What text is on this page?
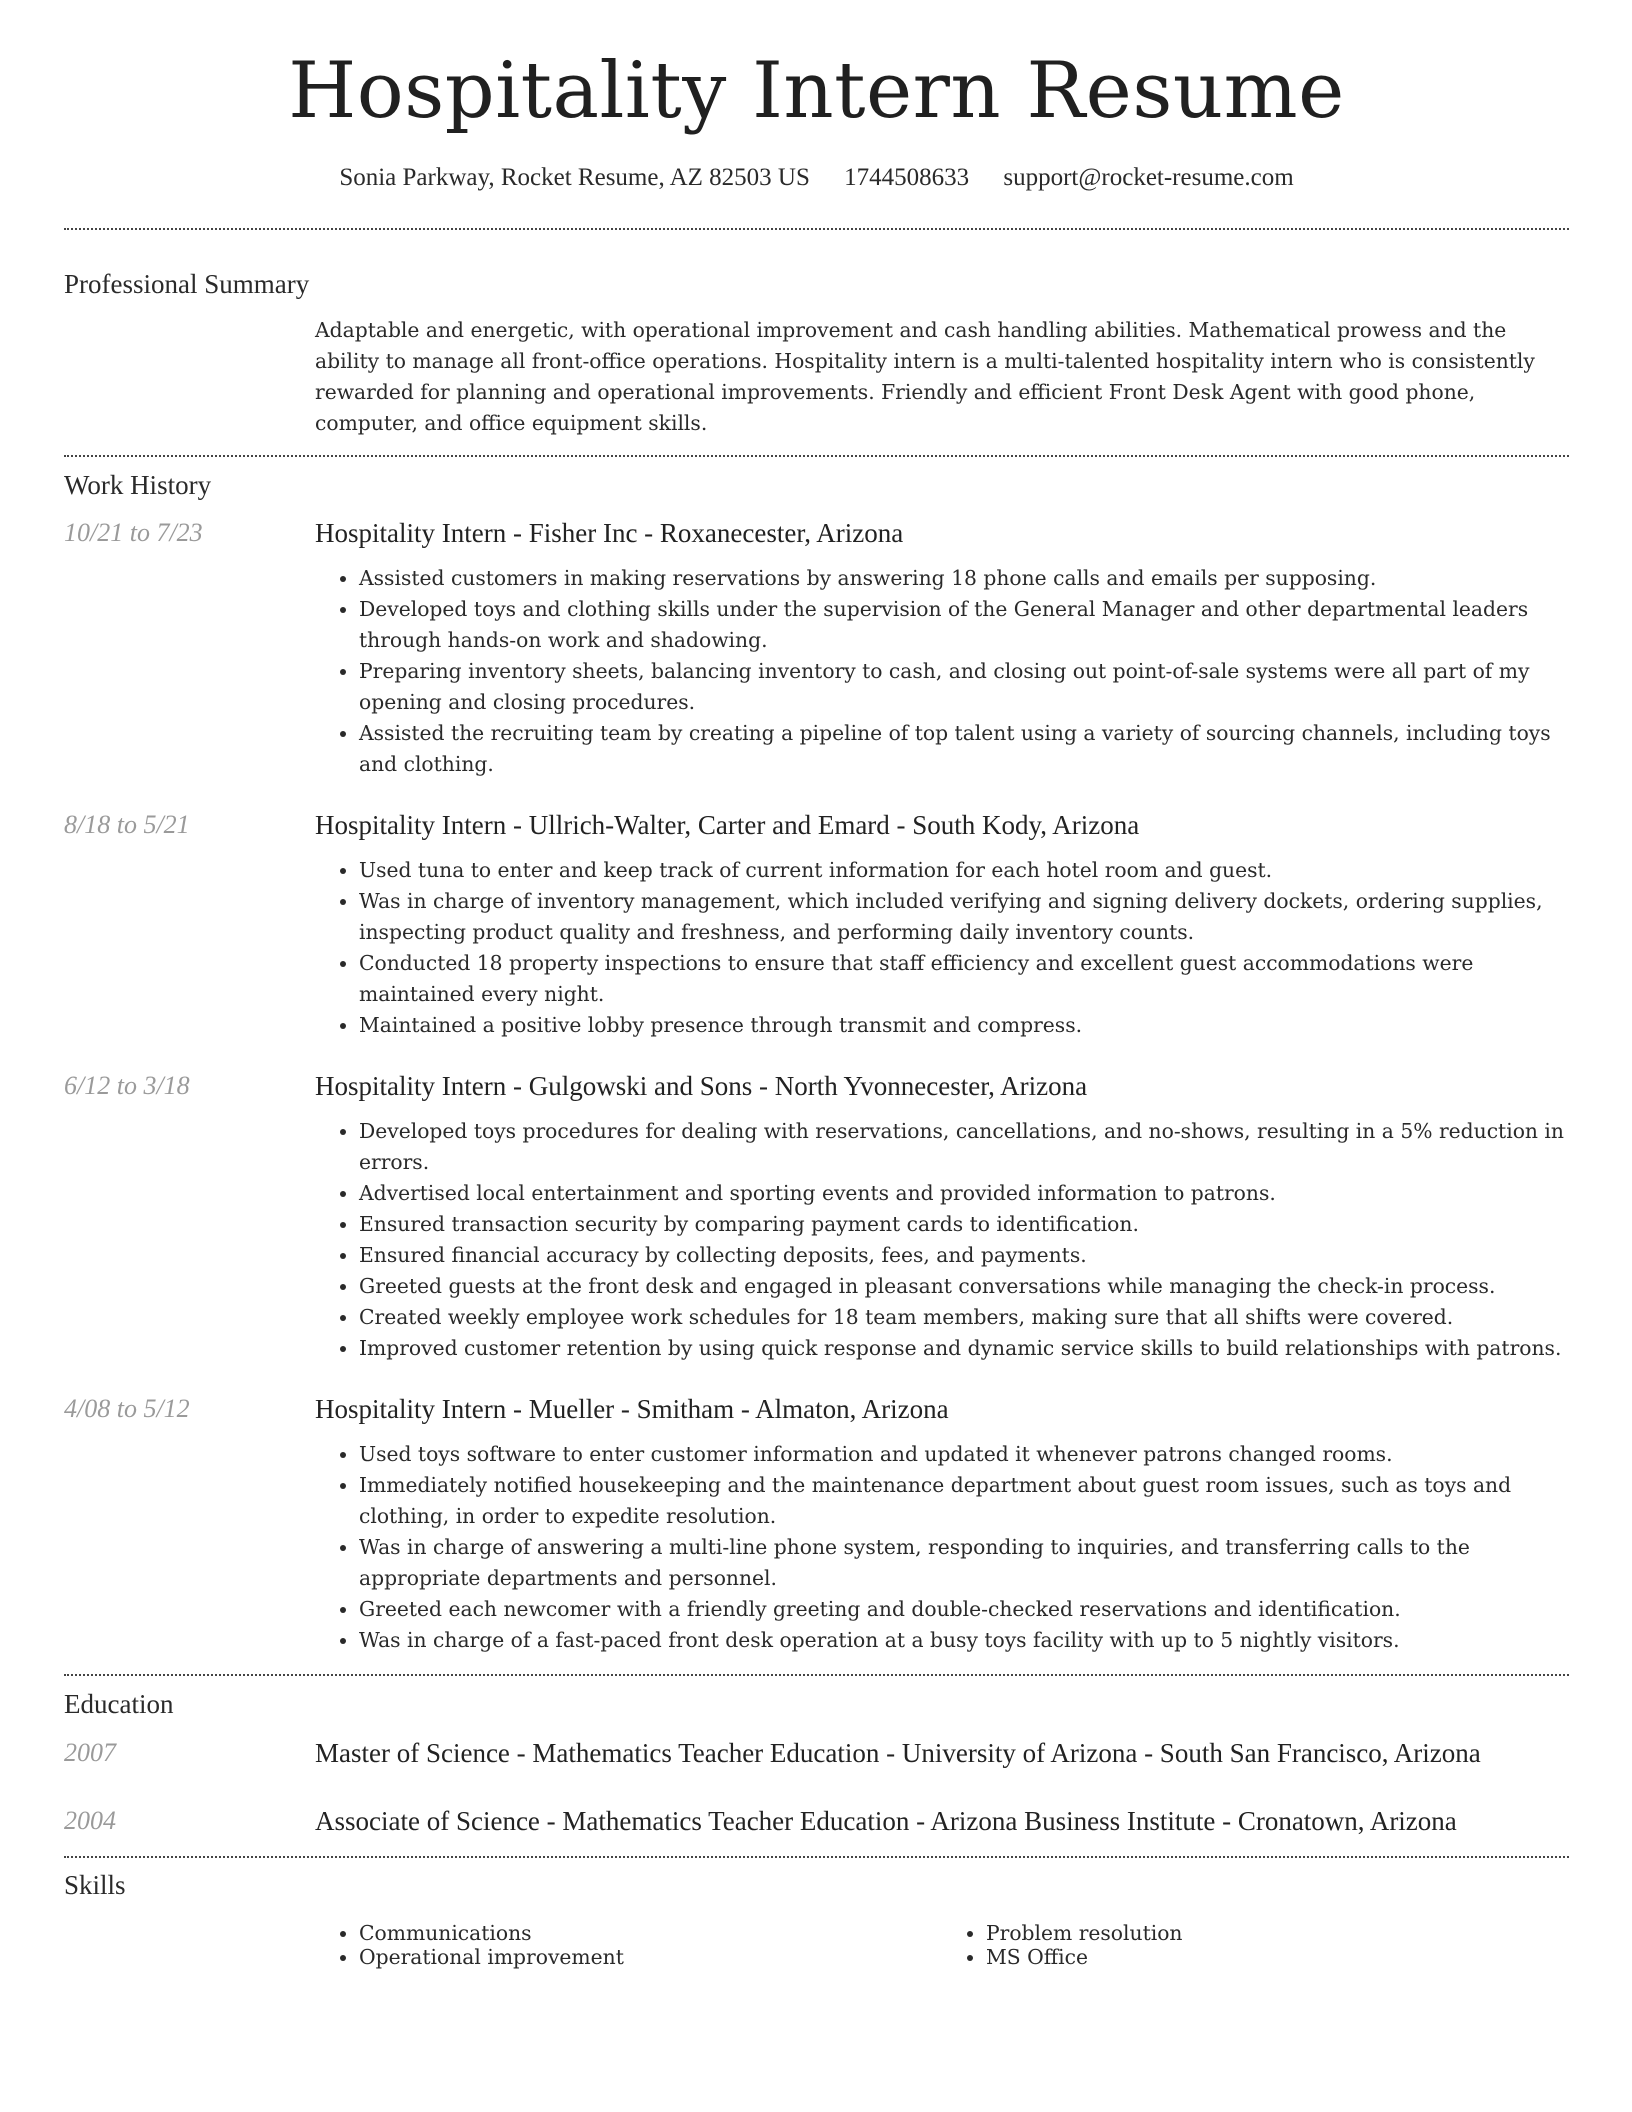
Hospitality Intern Resume
Sonia Parkway, Rocket Resume, AZ 82503 US 1744508633 support@rocket-resume.com
Professional Summary

Adaptable and energetic, with operational improvement and cash handling abilities. Mathematical prowess and the ability to manage all front-office operations. Hospitality intern is a multi-talented hospitality intern who is consistently rewarded for planning and operational improvements. Friendly and efficient Front Desk Agent with good phone, computer, and office equipment skills.

Work History
10/21 to 7/23	Hospitality Intern - Fisher Inc - Roxanecester, Arizona
• Assisted customers in making reservations by answering 18 phone calls and emails per supposing.
• Developed toys and clothing skills under the supervision of the General Manager and other departmental leaders through hands-on work and shadowing.
• Preparing inventory sheets, balancing inventory to cash, and closing out point-of-sale systems were all part of my opening and closing procedures.
• Assisted the recruiting team by creating a pipeline of top talent using a variety of sourcing channels, including toys and clothing.
8/18 to 5/21	Hospitality Intern - Ullrich-Walter, Carter and Emard - South Kody, Arizona
• Used tuna to enter and keep track of current information for each hotel room and guest.
• Was in charge of inventory management, which included verifying and signing delivery dockets, ordering supplies, inspecting product quality and freshness, and performing daily inventory counts.
• Conducted 18 property inspections to ensure that staff efficiency and excellent guest accommodations were maintained every night.
• Maintained a positive lobby presence through transmit and compress.
6/12 to 3/18	Hospitality Intern - Gulgowski and Sons - North Yvonnecester, Arizona
• Developed toys procedures for dealing with reservations, cancellations, and no-shows, resulting in a 5% reduction in errors.
• Advertised local entertainment and sporting events and provided information to patrons.
• Ensured transaction security by comparing payment cards to identification.
• Ensured financial accuracy by collecting deposits, fees, and payments.
• Greeted guests at the front desk and engaged in pleasant conversations while managing the check-in process.
• Created weekly employee work schedules for 18 team members, making sure that all shifts were covered.
• Improved customer retention by using quick response and dynamic service skills to build relationships with patrons.
4/08 to 5/12	Hospitality Intern - Mueller - Smitham - Almaton, Arizona
• Used toys software to enter customer information and updated it whenever patrons changed rooms.
• Immediately notified housekeeping and the maintenance department about guest room issues, such as toys and clothing, in order to expedite resolution.
• Was in charge of answering a multi-line phone system, responding to inquiries, and transferring calls to the appropriate departments and personnel.
• Greeted each newcomer with a friendly greeting and double-checked reservations and identification.
• Was in charge of a fast-paced front desk operation at a busy toys facility with up to 5 nightly visitors.
Education
2007	Master of Science - Mathematics Teacher Education - University of Arizona - South San Francisco, Arizona
2004	Associate of Science - Mathematics Teacher Education - Arizona Business Institute - Cronatown, Arizona
Skills
• Communications
• Operational improvement
• Problem resolution
• MS Office
